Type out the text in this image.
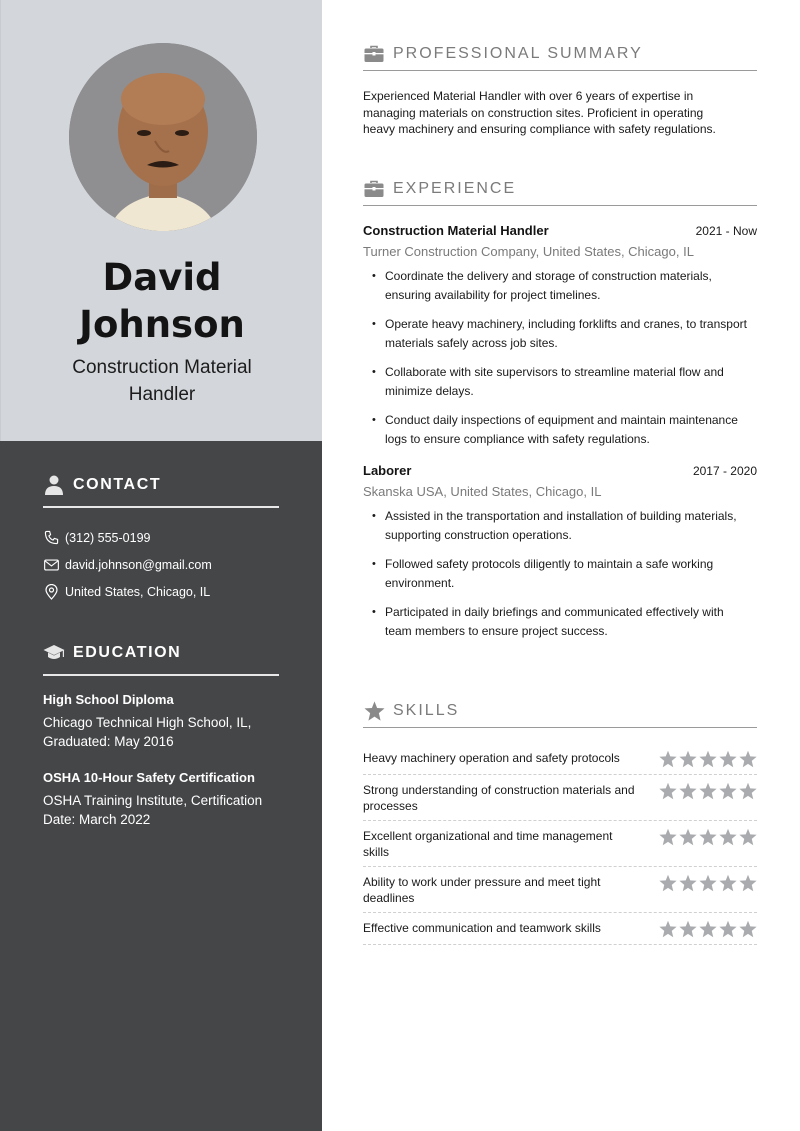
David
Johnson
Construction Material
Handler
CONTACT
(312) 555-0199
david.johnson@gmail.com
United States, Chicago, IL
EDUCATION
High School Diploma
Chicago Technical High School, IL,
Graduated: May 2016
OSHA 10-Hour Safety Certification
OSHA Training Institute, Certification
Date: March 2022
PROFESSIONAL SUMMARY
Experienced Material Handler with over 6 years of expertise in
managing materials on construction sites. Proficient in operating
heavy machinery and ensuring compliance with safety regulations.
EXPERIENCE
Construction Material Handler	2021 - Now
Turner Construction Company, United States, Chicago, IL
• Coordinate the delivery and storage of construction materials,
ensuring availability for project timelines.
• Operate heavy machinery, including forklifts and cranes, to transport
materials safely across job sites.
• Collaborate with site supervisors to streamline material flow and
minimize delays.
• Conduct daily inspections of equipment and maintain maintenance
logs to ensure compliance with safety regulations.
Laborer	2017 - 2020
Skanska USA, United States, Chicago, IL
• Assisted in the transportation and installation of building materials,
supporting construction operations.
• Followed safety protocols diligently to maintain a safe working
environment.
• Participated in daily briefings and communicated effectively with
team members to ensure project success.
SKILLS
Heavy machinery operation and safety protocols
Strong understanding of construction materials and
processes
Excellent organizational and time management
skills
Ability to work under pressure and meet tight
deadlines
Effective communication and teamwork skills
